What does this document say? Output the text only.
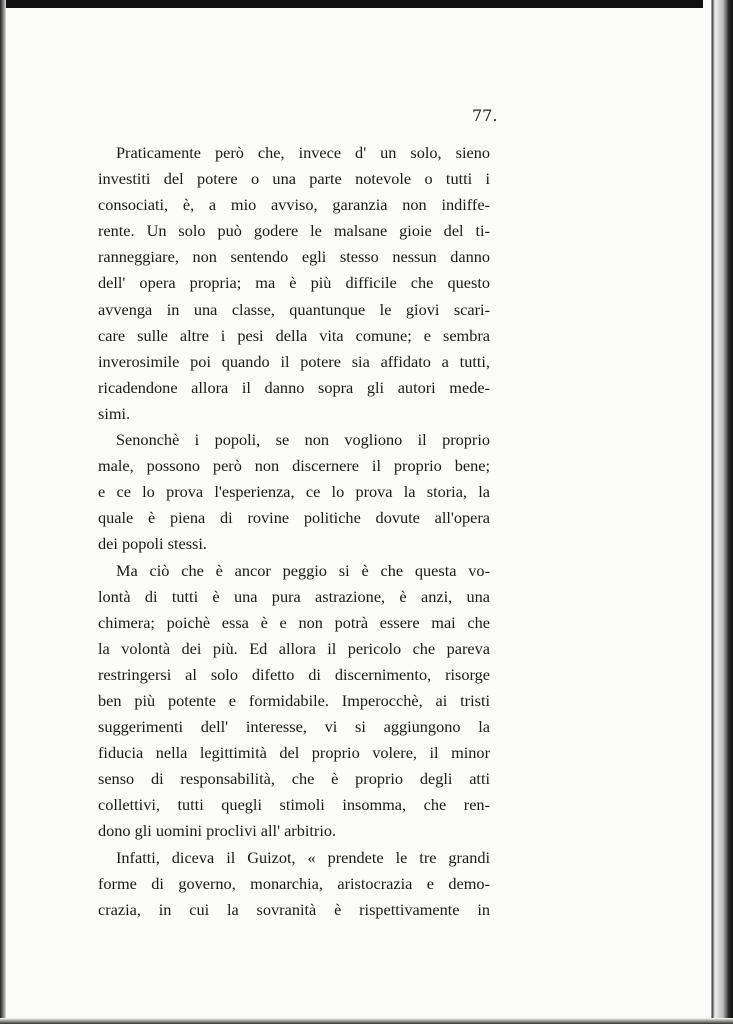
77.
Praticamente però che, invece d' un solo, sieno
investiti del potere o una parte notevole o tutti i
consociati, è, a mio avviso, garanzia non indiffe-
rente. Un solo può godere le malsane gioie del ti-
ranneggiare, non sentendo egli stesso nessun danno
dell' opera propria; ma è più difficile che questo
avvenga in una classe, quantunque le giovi scari-
care sulle altre i pesi della vita comune; e sembra
inverosimile poi quando il potere sia affidato a tutti,
ricadendone allora il danno sopra gli autori mede-
simi.
Senonchè i popoli, se non vogliono il proprio
male, possono però non discernere il proprio bene;
e ce lo prova l'esperienza, ce lo prova la storia, la
quale è piena di rovine politiche dovute all'opera
dei popoli stessi.
Ma ciò che è ancor peggio si è che questa vo-
lontà di tutti è una pura astrazione, è anzi, una
chimera; poichè essa è e non potrà essere mai che
la volontà dei più. Ed allora il pericolo che pareva
restringersi al solo difetto di discernimento, risorge
ben più potente e formidabile. Imperocchè, ai tristi
suggerimenti dell' interesse, vi si aggiungono la
fiducia nella legittimità del proprio volere, il minor
senso di responsabilità, che è proprio degli atti
collettivi, tutti quegli stimoli insomma, che ren-
dono gli uomini proclivi all' arbitrio.
Infatti, diceva il Guizot, « prendete le tre grandi
forme di governo, monarchia, aristocrazia e demo-
crazia, in cui la sovranità è rispettivamente in
